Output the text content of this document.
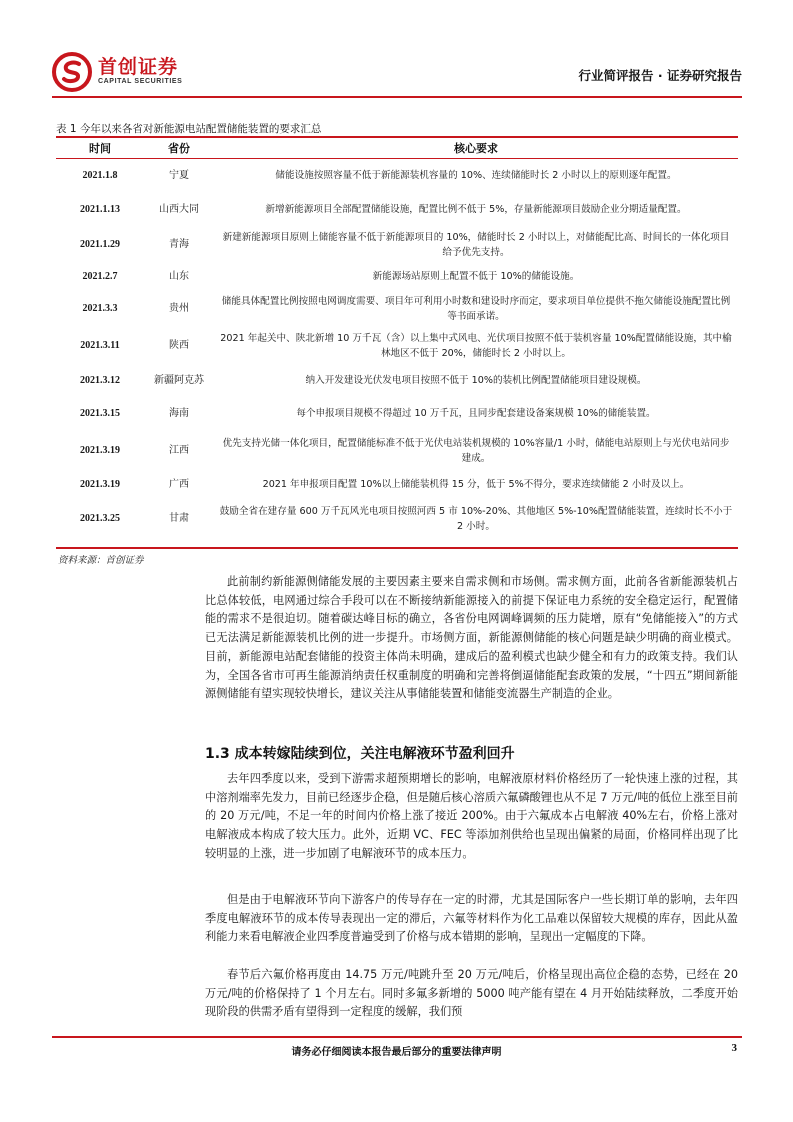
首创证券
CAPITAL SECURITIES	行业简评报告 · 证券研究报告
表 1 今年以来各省对新能源电站配置储能装置的要求汇总
时间	省份	核心要求
2021.1.8	宁夏	储能设施按照容量不低于新能源装机容量的 10%、连续储能时长 2 小时以上的原则逐年配置。
2021.1.13	山西大同	新增新能源项目全部配置储能设施，配置比例不低于 5%，存量新能源项目鼓励企业分期适量配置。
2021.1.29	青海	新建新能源项目原则上储能容量不低于新能源项目的 10%，储能时长 2 小时以上，对储能配比高、时间长的一体化项目给予优先支持。
2021.2.7	山东	新能源场站原则上配置不低于 10%的储能设施。
2021.3.3	贵州	储能具体配置比例按照电网调度需要、项目年可利用小时数和建设时序而定，要求项目单位提供不拖欠储能设施配置比例等书面承诺。
2021.3.11	陕西	2021 年起关中、陕北新增 10 万千瓦（含）以上集中式风电、光伏项目按照不低于装机容量 10%配置储能设施，其中榆林地区不低于 20%，储能时长 2 小时以上。
2021.3.12	新疆阿克苏	纳入开发建设光伏发电项目按照不低于 10%的装机比例配置储能项目建设规模。
2021.3.15	海南	每个申报项目规模不得超过 10 万千瓦，且同步配套建设备案规模 10%的储能装置。
2021.3.19	江西	优先支持光储一体化项目，配置储能标准不低于光伏电站装机规模的 10%容量/1 小时，储能电站原则上与光伏电站同步建成。
2021.3.19	广西	2021 年申报项目配置 10%以上储能装机得 15 分，低于 5%不得分，要求连续储能 2 小时及以上。
2021.3.25	甘肃	鼓励全省在建存量 600 万千瓦风光电项目按照河西 5 市 10%-20%、其他地区 5%-10%配置储能装置，连续时长不小于 2 小时。
资料来源：首创证券

此前制约新能源侧储能发展的主要因素主要来自需求侧和市场侧。需求侧方面，此前各省新能源装机占比总体较低，电网通过综合手段可以在不断接纳新能源接入的前提下保证电力系统的安全稳定运行，配置储能的需求不是很迫切。随着碳达峰目标的确立，各省份电网调峰调频的压力陡增，原有“免储能接入”的方式已无法满足新能源装机比例的进一步提升。市场侧方面，新能源侧储能的核心问题是缺少明确的商业模式。目前，新能源电站配套储能的投资主体尚未明确，建成后的盈利模式也缺少健全和有力的政策支持。我们认为，全国各省市可再生能源消纳责任权重制度的明确和完善将倒逼储能配套政策的发展，“十四五”期间新能源侧储能有望实现较快增长，建议关注从事储能装置和储能变流器生产制造的企业。

1.3 成本转嫁陆续到位，关注电解液环节盈利回升

去年四季度以来，受到下游需求超预期增长的影响，电解液原材料价格经历了一轮快速上涨的过程，其中溶剂端率先发力，目前已经逐步企稳，但是随后核心溶质六氟磷酸锂也从不足 7 万元/吨的低位上涨至目前的 20 万元/吨，不足一年的时间内价格上涨了接近 200%。由于六氟成本占电解液 40%左右，价格上涨对电解液成本构成了较大压力。此外，近期 VC、FEC 等添加剂供给也呈现出偏紧的局面，价格同样出现了比较明显的上涨，进一步加剧了电解液环节的成本压力。

但是由于电解液环节向下游客户的传导存在一定的时滞，尤其是国际客户一些长期订单的影响，去年四季度电解液环节的成本传导表现出一定的滞后，六氟等材料作为化工品难以保留较大规模的库存，因此从盈利能力来看电解液企业四季度普遍受到了价格与成本错期的影响，呈现出一定幅度的下降。

春节后六氟价格再度由 14.75 万元/吨跳升至 20 万元/吨后，价格呈现出高位企稳的态势，已经在 20 万元/吨的价格保持了 1 个月左右。同时多氟多新增的 5000 吨产能有望在 4 月开始陆续释放，二季度开始现阶段的供需矛盾有望得到一定程度的缓解，我们预

请务必仔细阅读本报告最后部分的重要法律声明	3
